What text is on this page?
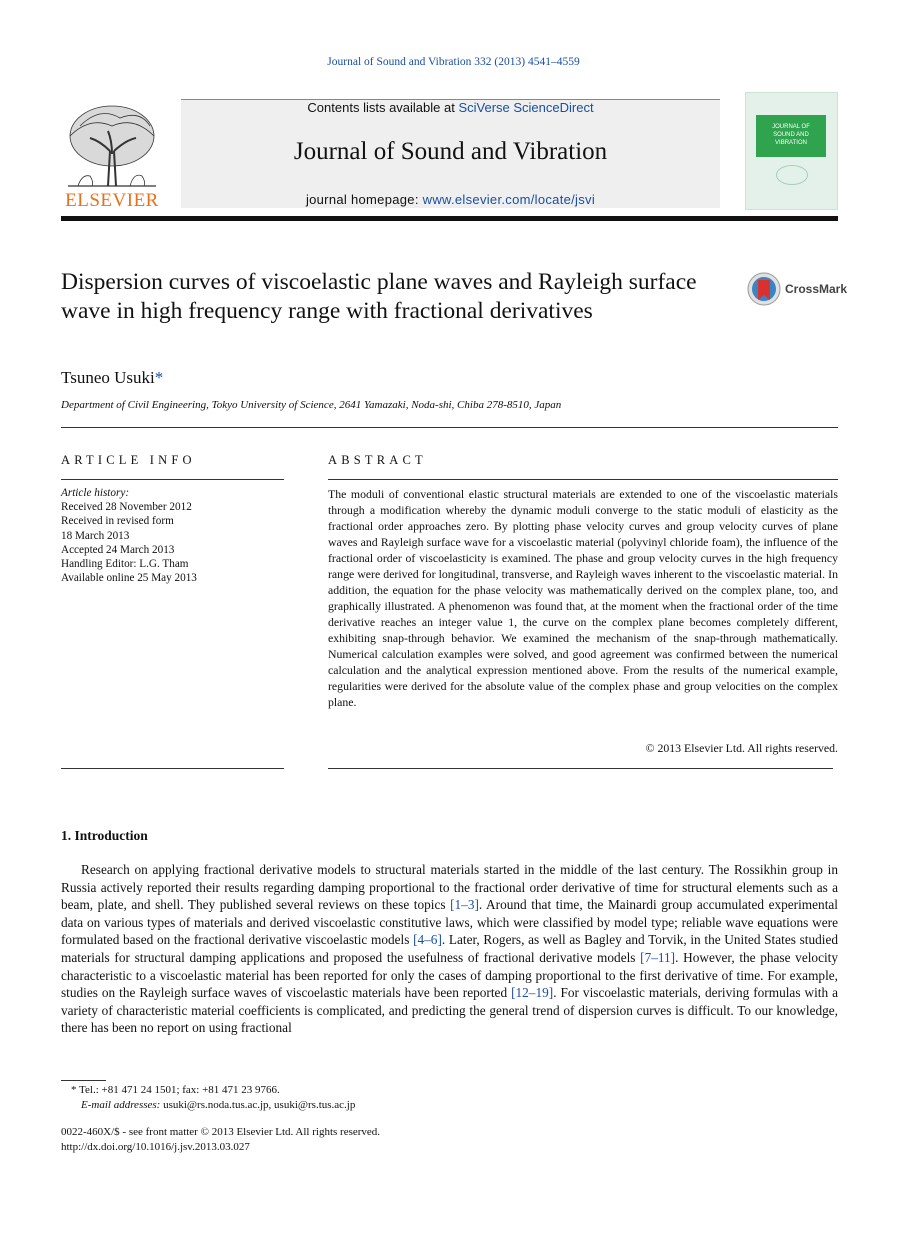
Journal of Sound and Vibration 332 (2013) 4541–4559
ELSEVIER
Contents lists available at SciVerse ScienceDirect
Journal of Sound and Vibration
journal homepage: www.elsevier.com/locate/jsvi
JOURNAL OF
SOUND AND
VIBRATION
Dispersion curves of viscoelastic plane waves and Rayleigh surface wave in high frequency range with fractional derivatives
CrossMark
Tsuneo Usuki*
Department of Civil Engineering, Tokyo University of Science, 2641 Yamazaki, Noda-shi, Chiba 278-8510, Japan
ARTICLE INFO
Article history:
Received 28 November 2012
Received in revised form
18 March 2013
Accepted 24 March 2013
Handling Editor: L.G. Tham
Available online 25 May 2013
ABSTRACT
The moduli of conventional elastic structural materials are extended to one of the viscoelastic materials through a modification whereby the dynamic moduli converge to the static moduli of elasticity as the fractional order approaches zero. By plotting phase velocity curves and group velocity curves of plane waves and Rayleigh surface wave for a viscoelastic material (polyvinyl chloride foam), the influence of the fractional order of viscoelasticity is examined. The phase and group velocity curves in the high frequency range were derived for longitudinal, transverse, and Rayleigh waves inherent to the viscoelastic material. In addition, the equation for the phase velocity was mathematically derived on the complex plane, too, and graphically illustrated. A phenomenon was found that, at the moment when the fractional order of the time derivative reaches an integer value 1, the curve on the complex plane becomes completely different, exhibiting snap-through behavior. We examined the mechanism of the snap-through mathematically. Numerical calculation examples were solved, and good agreement was confirmed between the numerical calculation and the analytical expression mentioned above. From the results of the numerical example, regularities were derived for the absolute value of the complex phase and group velocities on the complex plane.
© 2013 Elsevier Ltd. All rights reserved.
1. Introduction
Research on applying fractional derivative models to structural materials started in the middle of the last century. The Rossikhin group in Russia actively reported their results regarding damping proportional to the fractional order derivative of time for structural elements such as a beam, plate, and shell. They published several reviews on these topics [1–3]. Around that time, the Mainardi group accumulated experimental data on various types of materials and derived viscoelastic constitutive laws, which were classified by model type; reliable wave equations were formulated based on the fractional derivative viscoelastic models [4–6]. Later, Rogers, as well as Bagley and Torvik, in the United States studied materials for structural damping applications and proposed the usefulness of fractional derivative models [7–11]. However, the phase velocity characteristic to a viscoelastic material has been reported for only the cases of damping proportional to the first derivative of time. For example, studies on the Rayleigh surface waves of viscoelastic materials have been reported [12–19]. For viscoelastic materials, deriving formulas with a variety of characteristic material coefficients is complicated, and predicting the general trend of dispersion curves is difficult. To our knowledge, there has been no report on using fractional
* Tel.: +81 471 24 1501; fax: +81 471 23 9766.
E-mail addresses: usuki@rs.noda.tus.ac.jp, usuki@rs.tus.ac.jp
0022-460X/$ - see front matter © 2013 Elsevier Ltd. All rights reserved.
http://dx.doi.org/10.1016/j.jsv.2013.03.027
